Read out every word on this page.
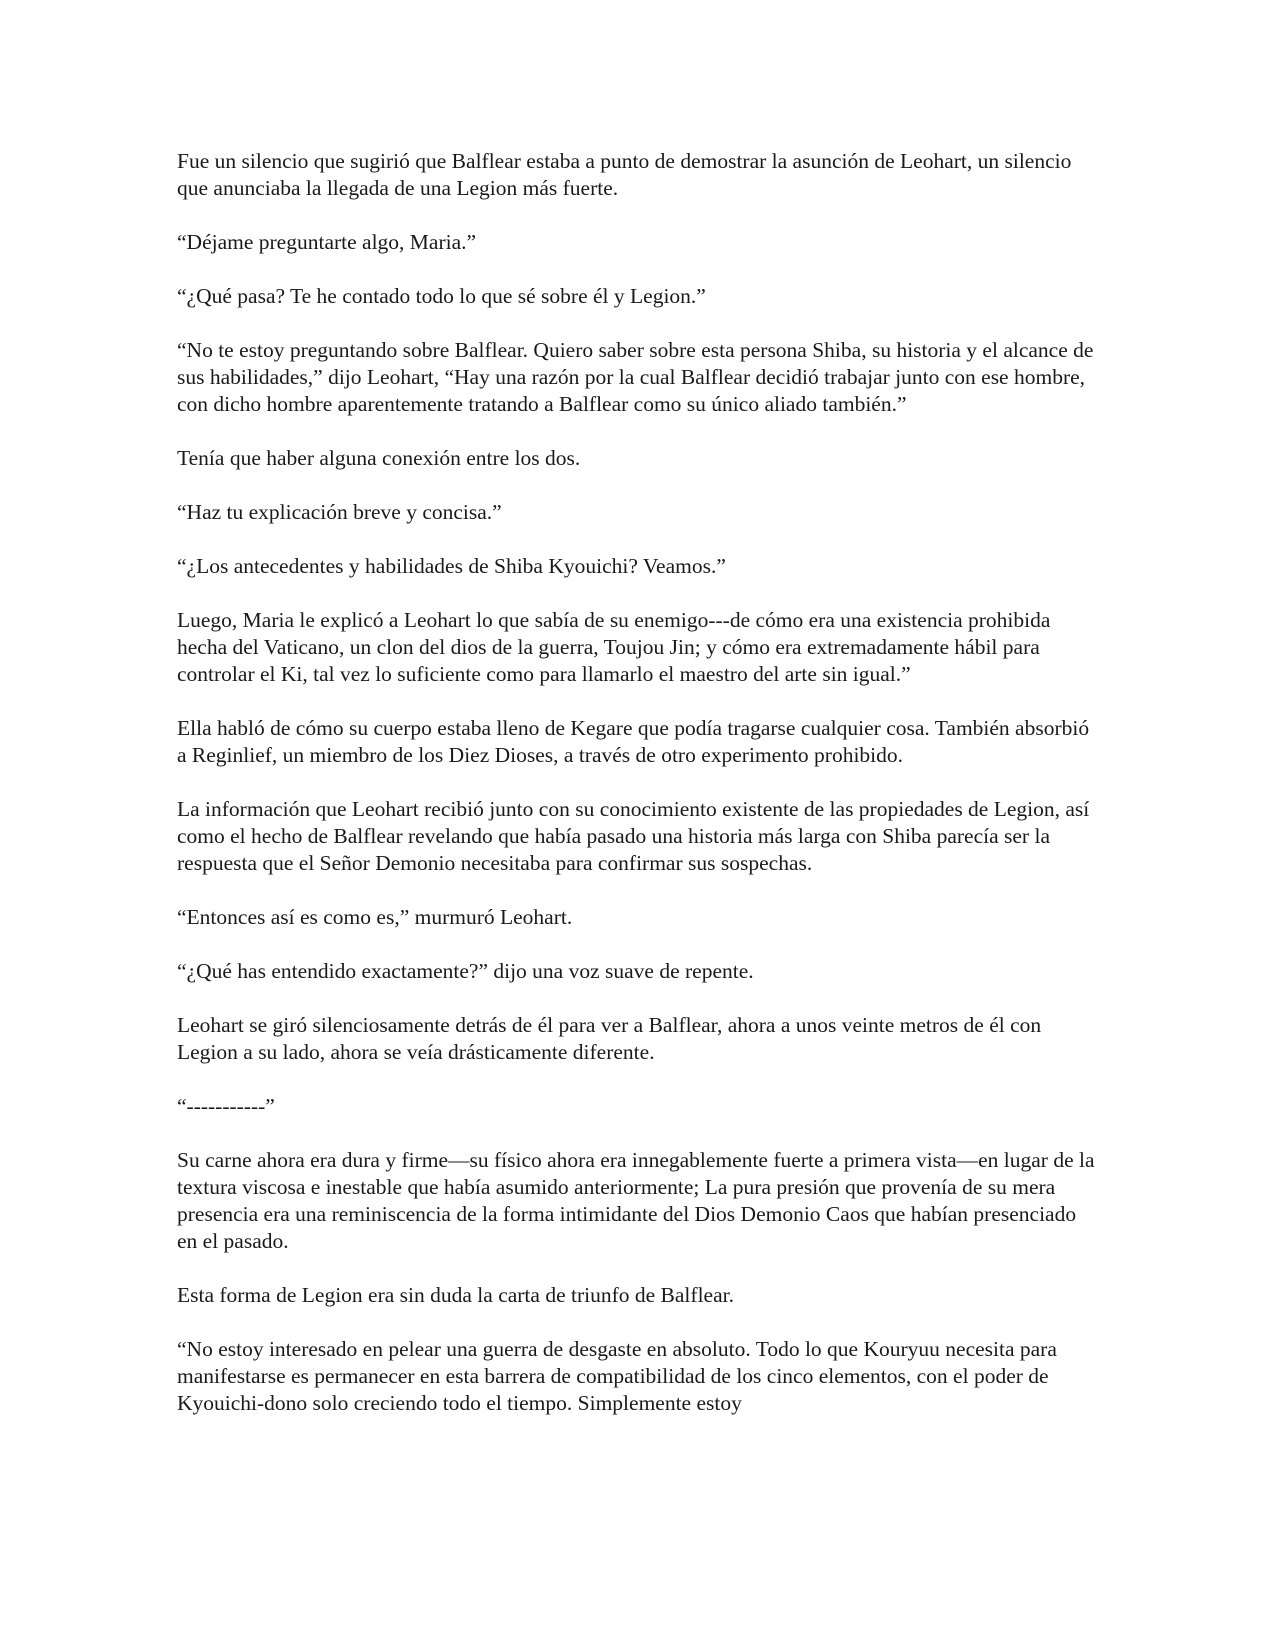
Fue un silencio que sugirió que Balflear estaba a punto de demostrar la asunción de Leohart, un silencio que anunciaba la llegada de una Legion más fuerte.

“Déjame preguntarte algo, Maria.”

“¿Qué pasa? Te he contado todo lo que sé sobre él y Legion.”

“No te estoy preguntando sobre Balflear. Quiero saber sobre esta persona Shiba, su historia y el alcance de sus habilidades,” dijo Leohart, “Hay una razón por la cual Balflear decidió trabajar junto con ese hombre, con dicho hombre aparentemente tratando a Balflear como su único aliado también.”

Tenía que haber alguna conexión entre los dos.

“Haz tu explicación breve y concisa.”

“¿Los antecedentes y habilidades de Shiba Kyouichi? Veamos.”

Luego, Maria le explicó a Leohart lo que sabía de su enemigo---de cómo era una existencia prohibida hecha del Vaticano, un clon del dios de la guerra, Toujou Jin; y cómo era extremadamente hábil para controlar el Ki, tal vez lo suficiente como para llamarlo el maestro del arte sin igual.”

Ella habló de cómo su cuerpo estaba lleno de Kegare que podía tragarse cualquier cosa. También absorbió a Reginlief, un miembro de los Diez Dioses, a través de otro experimento prohibido.

La información que Leohart recibió junto con su conocimiento existente de las propiedades de Legion, así como el hecho de Balflear revelando que había pasado una historia más larga con Shiba parecía ser la respuesta que el Señor Demonio necesitaba para confirmar sus sospechas.

“Entonces así es como es,” murmuró Leohart.

“¿Qué has entendido exactamente?” dijo una voz suave de repente.

Leohart se giró silenciosamente detrás de él para ver a Balflear, ahora a unos veinte metros de él con Legion a su lado, ahora se veía drásticamente diferente.

“-----------”

Su carne ahora era dura y firme—su físico ahora era innegablemente fuerte a primera vista—en lugar de la textura viscosa e inestable que había asumido anteriormente; La pura presión que provenía de su mera presencia era una reminiscencia de la forma intimidante del Dios Demonio Caos que habían presenciado en el pasado.

Esta forma de Legion era sin duda la carta de triunfo de Balflear.

“No estoy interesado en pelear una guerra de desgaste en absoluto. Todo lo que Kouryuu necesita para manifestarse es permanecer en esta barrera de compatibilidad de los cinco elementos, con el poder de Kyouichi-dono solo creciendo todo el tiempo. Simplemente estoy
